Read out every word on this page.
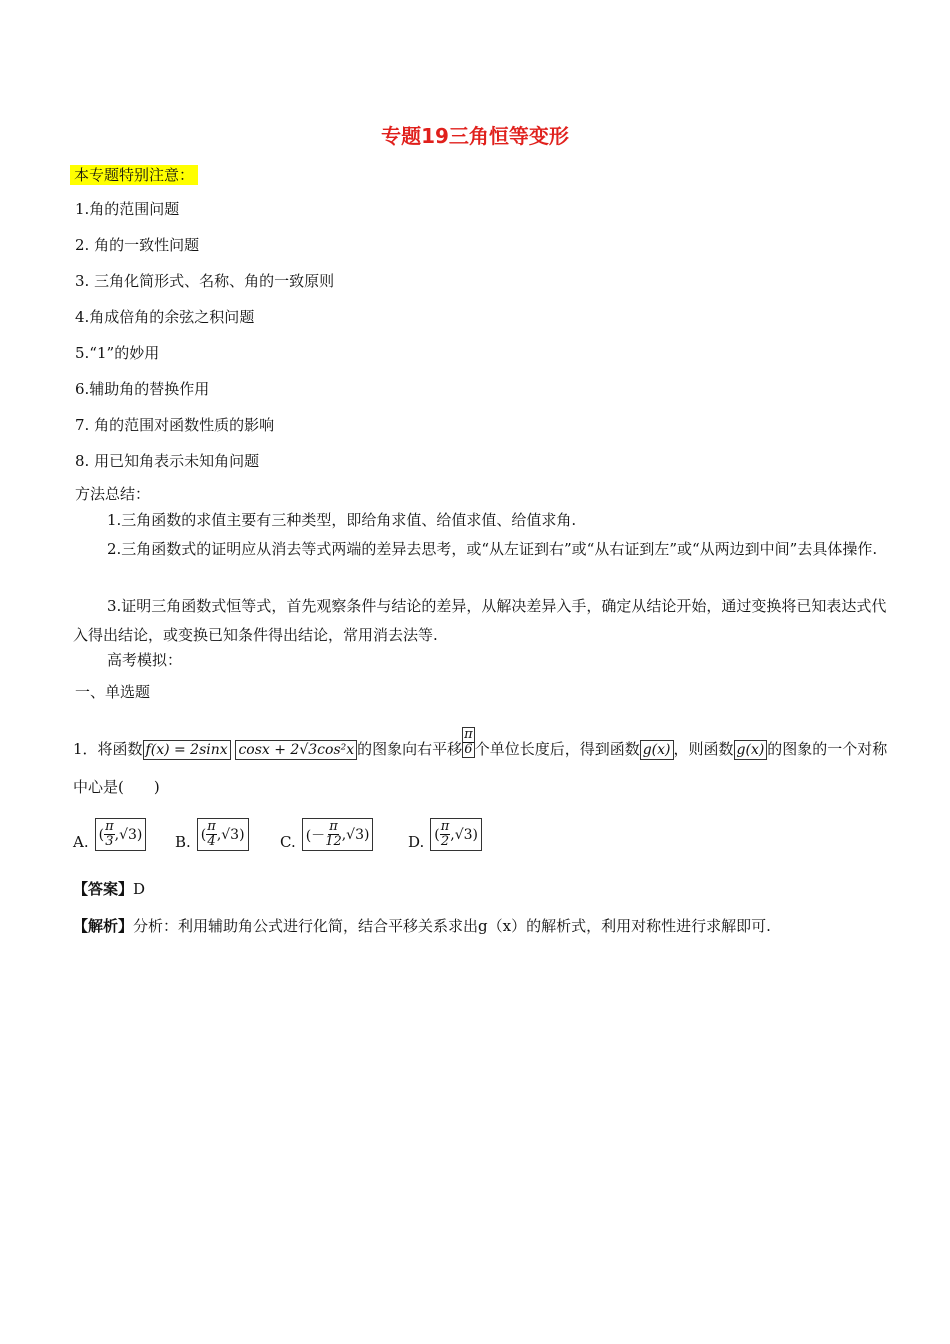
专题19三角恒等变形
本专题特别注意：
1.角的范围问题
2. 角的一致性问题
3. 三角化简形式、名称、角的一致原则
4.角成倍角的余弦之积问题
5.“1”的妙用
6.辅助角的替换作用
7. 角的范围对函数性质的影响
8. 用已知角表示未知角问题
方法总结：
1.三角函数的求值主要有三种类型，即给角求值、给值求值、给值求角.
2.三角函数式的证明应从消去等式两端的差异去思考，或“从左证到右”或“从右证到左”或“从两边到中间”去具体操作.
3.证明三角函数式恒等式，首先观察条件与结论的差异，从解决差异入手，确定从结论开始，通过变换将已知表达式代入得出结论，或变换已知条件得出结论，常用消去法等.
高考模拟：
一、单选题
1．将函数 f(x) = 2sinx cosx + 2√3cos²x 的图象向右平移 $\frac{\pi}{6}$ 个单位长度后，得到函数 g(x) ，则函数 g(x) 的图象的一个对称中心是(　　)
A. ( $\frac{\pi}{3} ,√3$) B. ( $\frac{\pi}{4} ,√3$) C. (－ $\frac{\pi}{12} ,√3$)	D. ( $\frac{\pi}{2} ,√3$)
【答案】D
【解析】分析：利用辅助角公式进行化简，结合平移关系求出g（x）的解析式，利用对称性进行求解即可.
